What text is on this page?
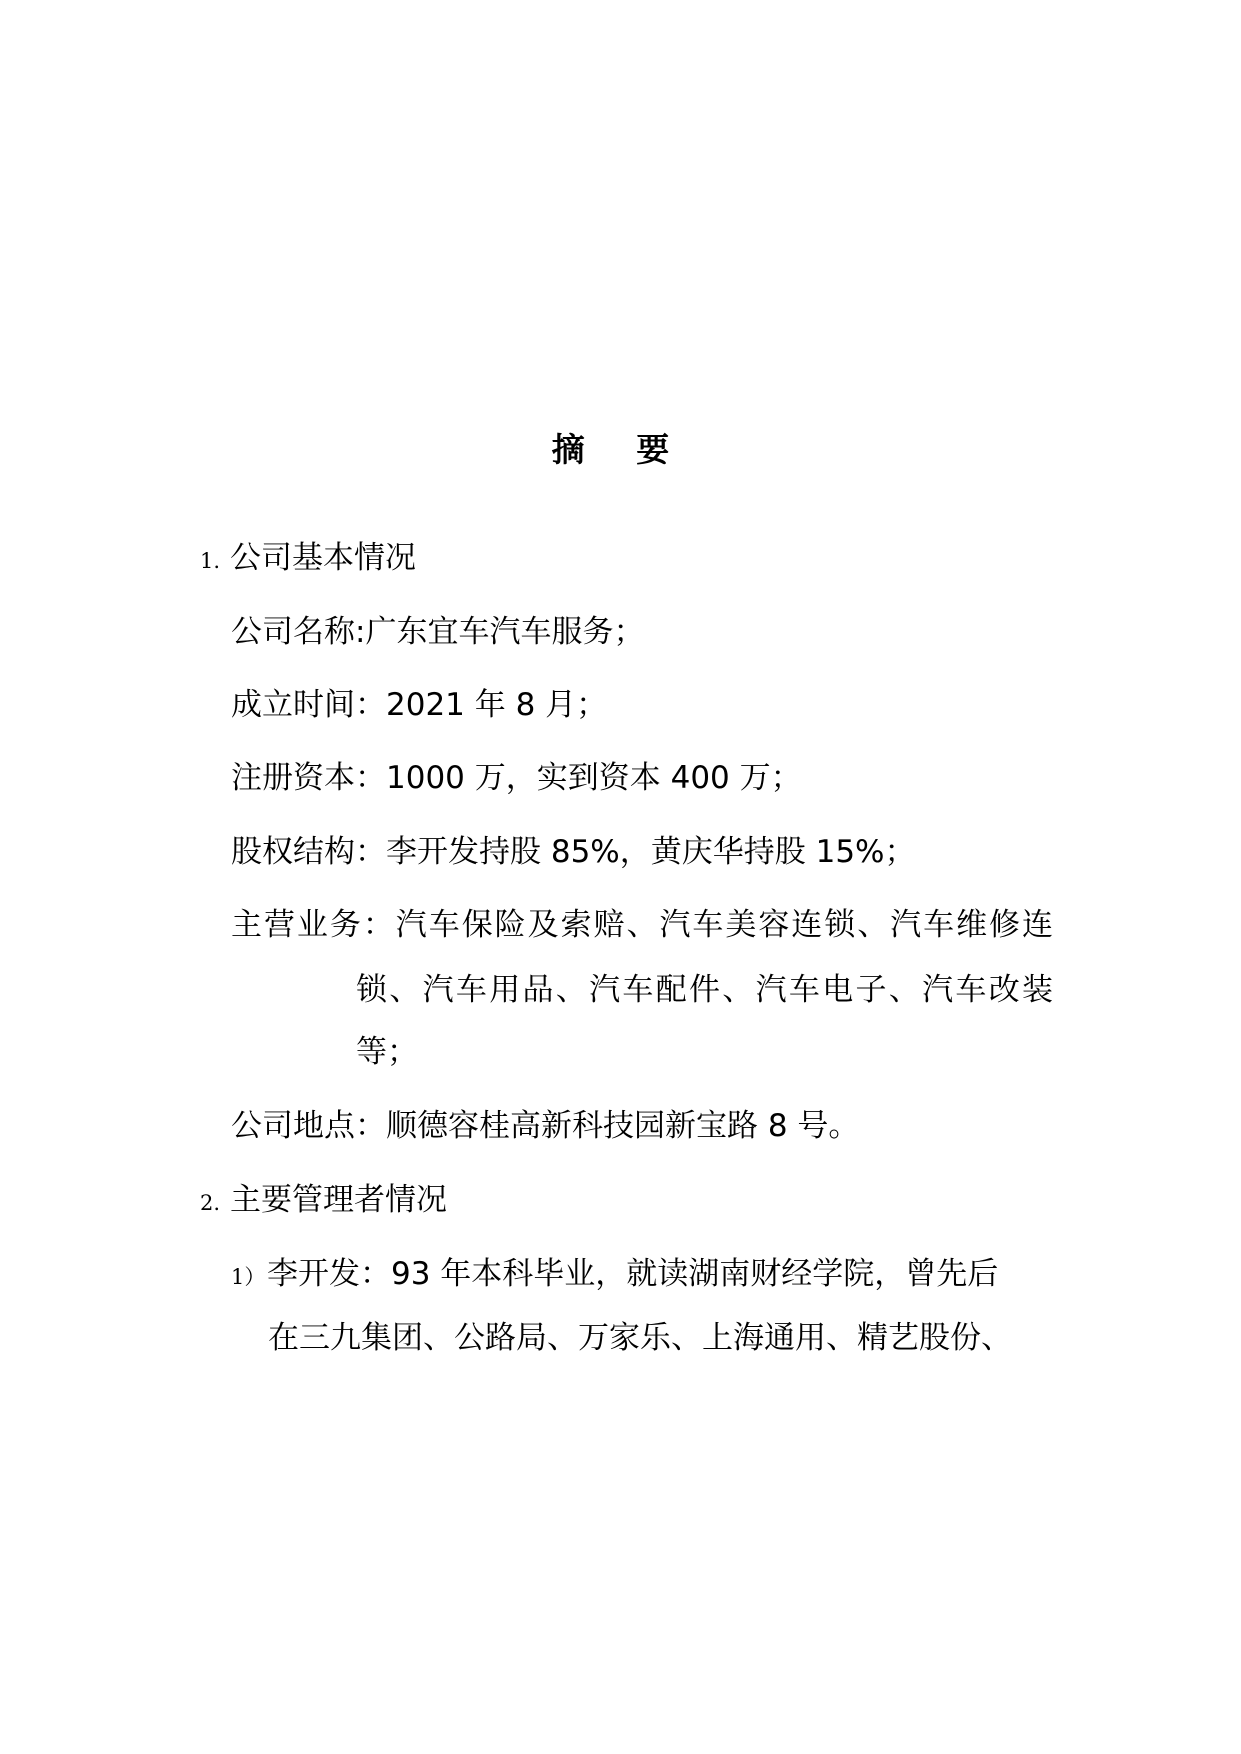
摘 要
1. 公司基本情况
公司名称:广东宜车汽车服务；
成立时间：2021 年 8 月；
注册资本：1000 万，实到资本 400 万；
股权结构：李开发持股 85%，黄庆华持股 15%；
主营业务：汽车保险及索赔、汽车美容连锁、汽车维修连
锁、汽车用品、汽车配件、汽车电子、汽车改装
等；
公司地点：顺德容桂高新科技园新宝路 8 号。
2. 主要管理者情况
1）李开发：93 年本科毕业，就读湖南财经学院，曾先后
在三九集团、公路局、万家乐、上海通用、精艺股份、
